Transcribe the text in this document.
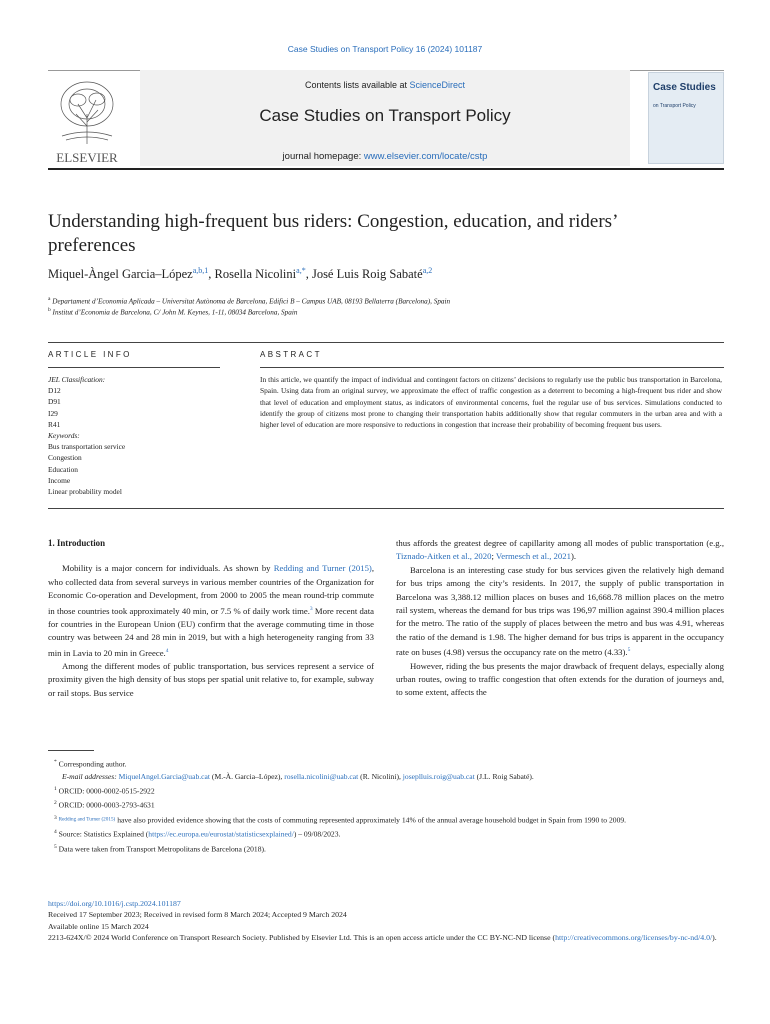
Case Studies on Transport Policy 16 (2024) 101187
ELSEVIER
Contents lists available at ScienceDirect
Case Studies on Transport Policy
journal homepage: www.elsevier.com/locate/cstp
Case Studies
on Transport Policy
Understanding high-frequent bus riders: Congestion, education, and riders’ preferences
Miquel-Àngel Garcia–López$^{a,b,1}$, Rosella Nicolini$^{a,*}$, José Luis Roig Sabaté$^{a,2}$
$^a$ Departament d’Economia Aplicada – Universitat Autònoma de Barcelona, Edifici B – Campus UAB, 08193 Bellaterra (Barcelona), Spain
$^b$ Institut d’Economia de Barcelona, C/ John M. Keynes, 1-11, 08034 Barcelona, Spain
ARTICLE INFO	ABSTRACT
JEL Classification:
D12
D91
I29
R41
Keywords:
Bus transportation service
Congestion
Education
Income
Linear probability model
In this article, we quantify the impact of individual and contingent factors on citizens’ decisions to regularly use the public bus transportation in Barcelona, Spain. Using data from an original survey, we approximate the effect of traffic congestion as a deterrent to becoming a high-frequent bus rider and show that level of education and employment status, as indicators of environmental concerns, fuel the regular use of bus services. Simulations conducted to identify the group of citizens most prone to changing their transportation habits additionally show that regular commuters in the urban area and with a higher level of education are more responsive to reductions in congestion that increase their probability of becoming frequent bus users.

1. Introduction

Mobility is a major concern for individuals. As shown by Redding and Turner (2015), who collected data from several surveys in various member countries of the Organization for Economic Co-operation and Development, from 2000 to 2005 the mean round-trip commute in those countries took approximately 40 min, or 7.5 % of daily work time.$^3$ More recent data for countries in the European Union (EU) confirm that the average commuting time in those country was between 24 and 28 min in 2019, but with a high heterogeneity ranging from 33 min in Lavia to 20 min in Greece.$^4$

Among the different modes of public transportation, bus services represent a service of proximity given the high density of bus stops per spatial unit relative to, for example, subway or rail stops. Bus service

thus affords the greatest degree of capillarity among all modes of public transportation (e.g., Tiznado-Aitken et al., 2020; Vermesch et al., 2021).

Barcelona is an interesting case study for bus services given the relatively high demand for bus trips among the city’s residents. In 2017, the supply of public transportation in Barcelona was 3,388.12 million places on buses and 16,668.78 million places on the metro rail system, whereas the demand for bus trips was 196,97 million against 390.4 million places for the metro. The ratio of the supply of places between the metro and bus was 4.91, whereas the ratio of the demand is 1.98. The higher demand for bus trips is apparent in the occupancy rate on buses (4.98) versus the occupancy rate on the metro (4.33).$^5$

However, riding the bus presents the major drawback of frequent delays, especially along urban routes, owing to traffic congestion that often extends for the duration of journeys and, to some extent, affects the

* Corresponding author.
E-mail addresses: MiquelAngel.Garcia@uab.cat (M.-À. Garcia–López), rosella.nicolini@uab.cat (R. Nicolini), joseplluis.roig@uab.cat (J.L. Roig Sabaté).
$^1$ ORCID: 0000-0002-0515-2922
$^2$ ORCID: 0000-0003-2793-4631
$^3$ $^{Redding and Turner (2015)}$ have also provided evidence showing that the costs of commuting represented approximately 14% of the annual average household budget in Spain from 1990 to 2009.
$^4$ Source: Statistics Explained (https://ec.europa.eu/eurostat/statisticsexplained/) – 09/08/2023.
$^5$ Data were taken from Transport Metropolitans de Barcelona (2018).
https://doi.org/10.1016/j.cstp.2024.101187
Received 17 September 2023; Received in revised form 8 March 2024; Accepted 9 March 2024
Available online 15 March 2024
2213-624X/© 2024 World Conference on Transport Research Society. Published by Elsevier Ltd. This is an open access article under the CC BY-NC-ND license (http://creativecommons.org/licenses/by-nc-nd/4.0/).
